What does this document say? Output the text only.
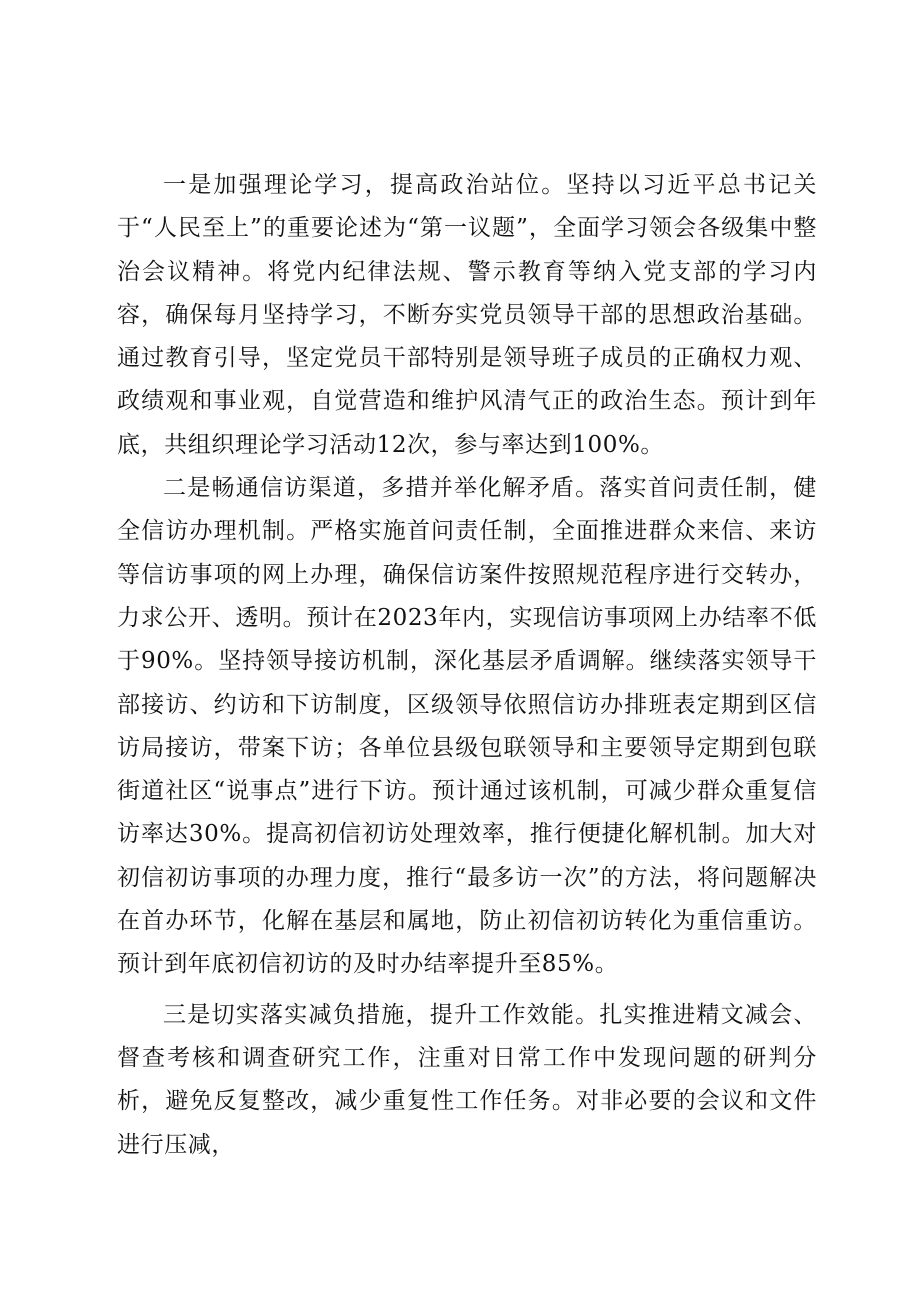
一是加强理论学习，提高政治站位。坚持以习近平总书记关于“人民至上”的重要论述为“第一议题”，全面学习领会各级集中整治会议精神。将党内纪律法规、警示教育等纳入党支部的学习内容，确保每月坚持学习，不断夯实党员领导干部的思想政治基础。通过教育引导，坚定党员干部特别是领导班子成员的正确权力观、政绩观和事业观，自觉营造和维护风清气正的政治生态。预计到年底，共组织理论学习活动12次，参与率达到100%。

二是畅通信访渠道，多措并举化解矛盾。落实首问责任制，健全信访办理机制。严格实施首问责任制，全面推进群众来信、来访等信访事项的网上办理，确保信访案件按照规范程序进行交转办，力求公开、透明。预计在2023年内，实现信访事项网上办结率不低于90%。坚持领导接访机制，深化基层矛盾调解。继续落实领导干部接访、约访和下访制度，区级领导依照信访办排班表定期到区信访局接访，带案下访；各单位县级包联领导和主要领导定期到包联街道社区“说事点”进行下访。预计通过该机制，可减少群众重复信访率达30%。提高初信初访处理效率，推行便捷化解机制。加大对初信初访事项的办理力度，推行“最多访一次”的方法，将问题解决在首办环节，化解在基层和属地，防止初信初访转化为重信重访。预计到年底初信初访的及时办结率提升至85%。

三是切实落实减负措施，提升工作效能。扎实推进精文减会、督查考核和调查研究工作，注重对日常工作中发现问题的研判分析，避免反复整改，减少重复性工作任务。对非必要的会议和文件进行压减，
